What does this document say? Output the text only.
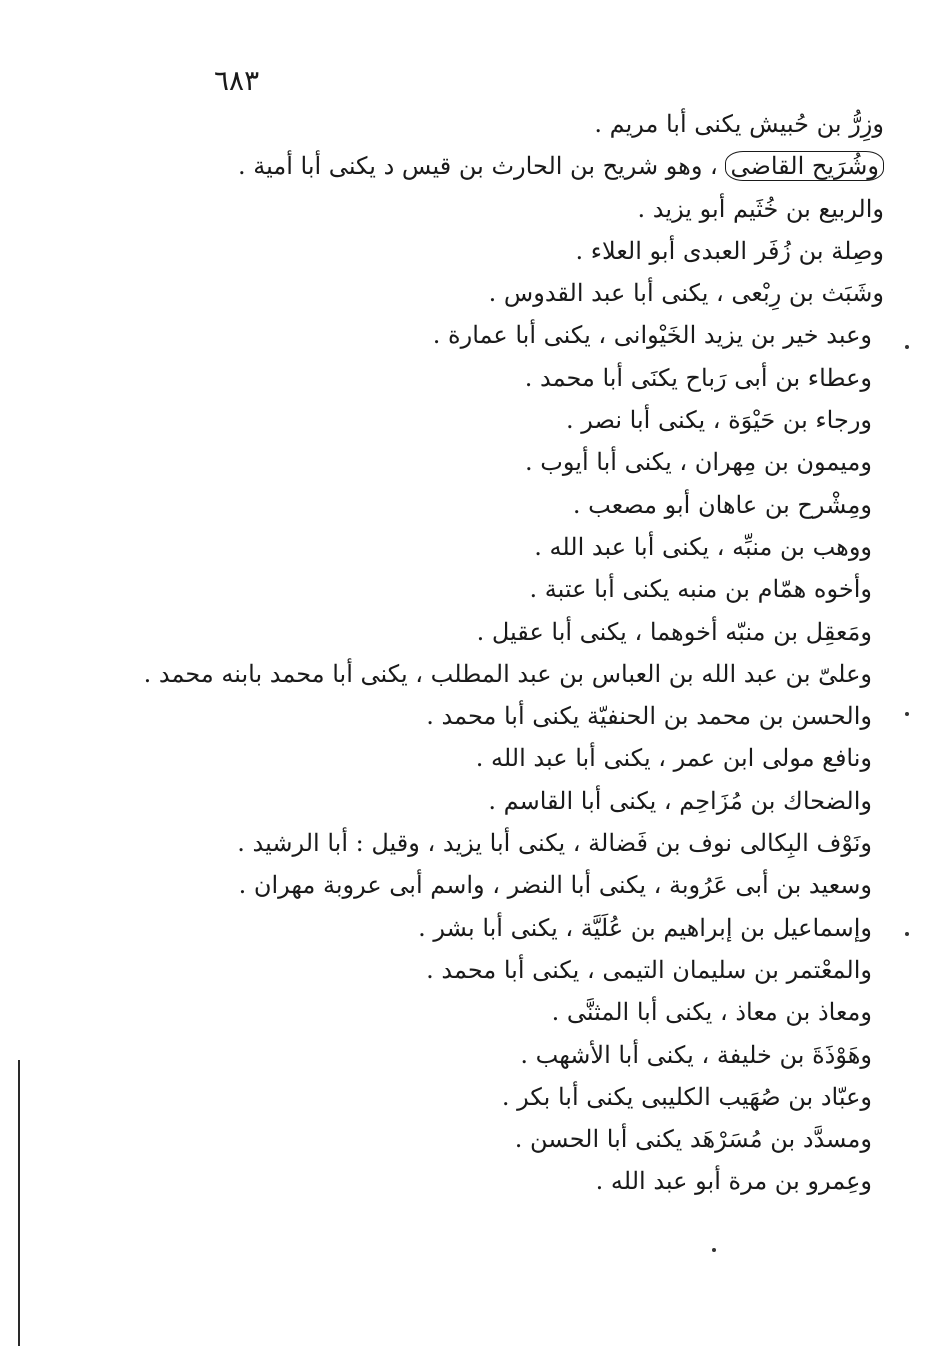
٦٨٣
وزِرُّ بن حُبيش يكنى أبا مريم .
وشُرَيح القاضى ، وهو شريح بن الحارث بن قيس د يكنى أبا أمية .
والربيع بن خُثَيم أبو يزيد .
وصِلة بن زُفَر العبدى أبو العلاء .
وشَبَث بن رِبْعى ، يكنى أبا عبد القدوس .
وعبد خير بن يزيد الخَيْوانى ، يكنى أبا عمارة .
وعطاء بن أبى رَباح يكنَى أبا محمد .
ورجاء بن حَيْوَة ، يكنى أبا نصر .
وميمون بن مِهران ، يكنى أبا أيوب .
ومِشْرح بن عاهان أبو مصعب .
ووهب بن منبِّه ، يكنى أبا عبد الله .
وأخوه همّام بن منبه يكنى أبا عتبة .
ومَعقِل بن منبّه أخوهما ، يكنى أبا عقيل .
وعلىّ بن عبد الله بن العباس بن عبد المطلب ، يكنى أبا محمد بابنه محمد .
والحسن بن محمد بن الحنفيّة يكنى أبا محمد .
ونافع مولى ابن عمر ، يكنى أبا عبد الله .
والضحاك بن مُزَاحِم ، يكنى أبا القاسم .
ونَوْف البِكالى نوف بن فَضالة ، يكنى أبا يزيد ، وقيل : أبا الرشيد .
وسعيد بن أبى عَرُوبة ، يكنى أبا النضر ، واسم أبى عروبة مهران .
وإسماعيل بن إبراهيم بن عُلَيَّة ، يكنى أبا بشر .
والمعْتمر بن سليمان التيمى ، يكنى أبا محمد .
ومعاذ بن معاذ ، يكنى أبا المثنَّى .
وهَوْذَةَ بن خليفة ، يكنى أبا الأشهب .
وعبّاد بن صُهَيب الكليبى يكنى أبا بكر .
ومسدَّد بن مُسَرْهَد يكنى أبا الحسن .
وعِمرو بن مرة أبو عبد الله .
